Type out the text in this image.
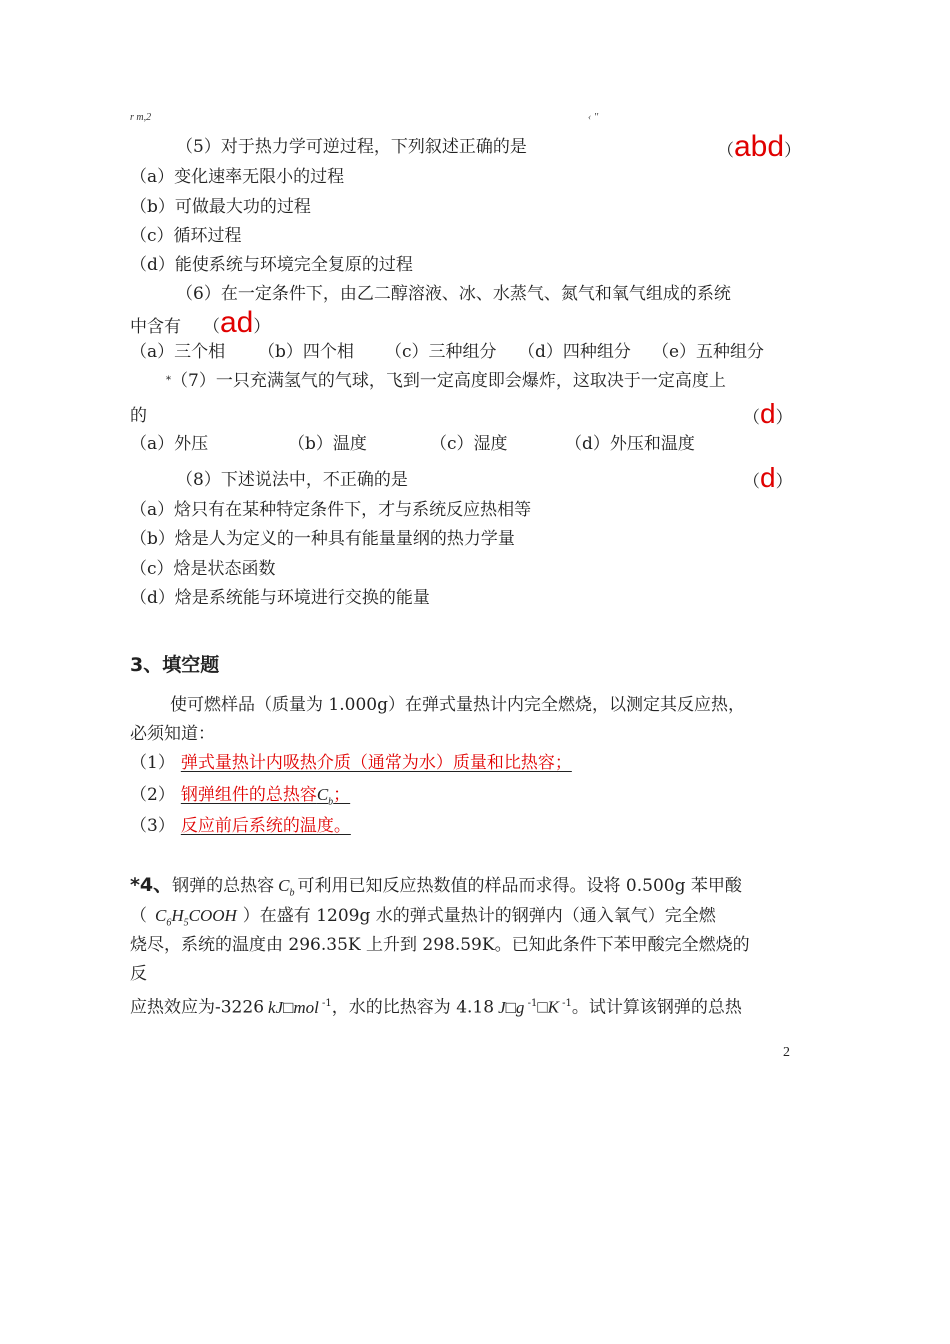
r m,2	‹ ''
（5）对于热力学可逆过程，下列叙述正确的是	（abd）
（a）变化速率无限小的过程
（b）可做最大功的过程
（c）循环过程
（d）能使系统与环境完全复原的过程
（6）在一定条件下，由乙二醇溶液、冰、水蒸气、氮气和氧气组成的系统
中含有 （ad）
（a）三个相 （b）四个相 （c）三种组分 （d）四种组分 （e）五种组分
*（7）一只充满氢气的气球，飞到一定高度即会爆炸，这取决于一定高度上
的	（d）
（a）外压	（b）温度	（c）湿度	（d）外压和温度
（8）下述说法中，不正确的是	（d）
（a）焓只有在某种特定条件下，才与系统反应热相等
（b）焓是人为定义的一种具有能量量纲的热力学量
（c）焓是状态函数
（d）焓是系统能与环境进行交换的能量
3、填空题
使可燃样品（质量为 1.000g）在弹式量热计内完全燃烧，以测定其反应热，
必须知道：
（1） 弹式量热计内吸热介质（通常为水）质量和比热容；
（2） 钢弹组件的总热容$C_b$；
（3） 反应前后系统的温度。
*4、钢弹的总热容 $C_b$ 可利用已知反应热数值的样品而求得。设将 0.500g 苯甲酸
（ $C_6H_5COOH$ ）在盛有 1209g 水的弹式量热计的钢弹内（通入氧气）完全燃
烧尽，系统的温度由 296.35K 上升到 298.59K。已知此条件下苯甲酸完全燃烧的
反
应热效应为-3226 kJ□mol $^{-1}$，水的比热容为 4.18 J□g $^{-1}$□K $^{-1}$。试计算该钢弹的总热
2
